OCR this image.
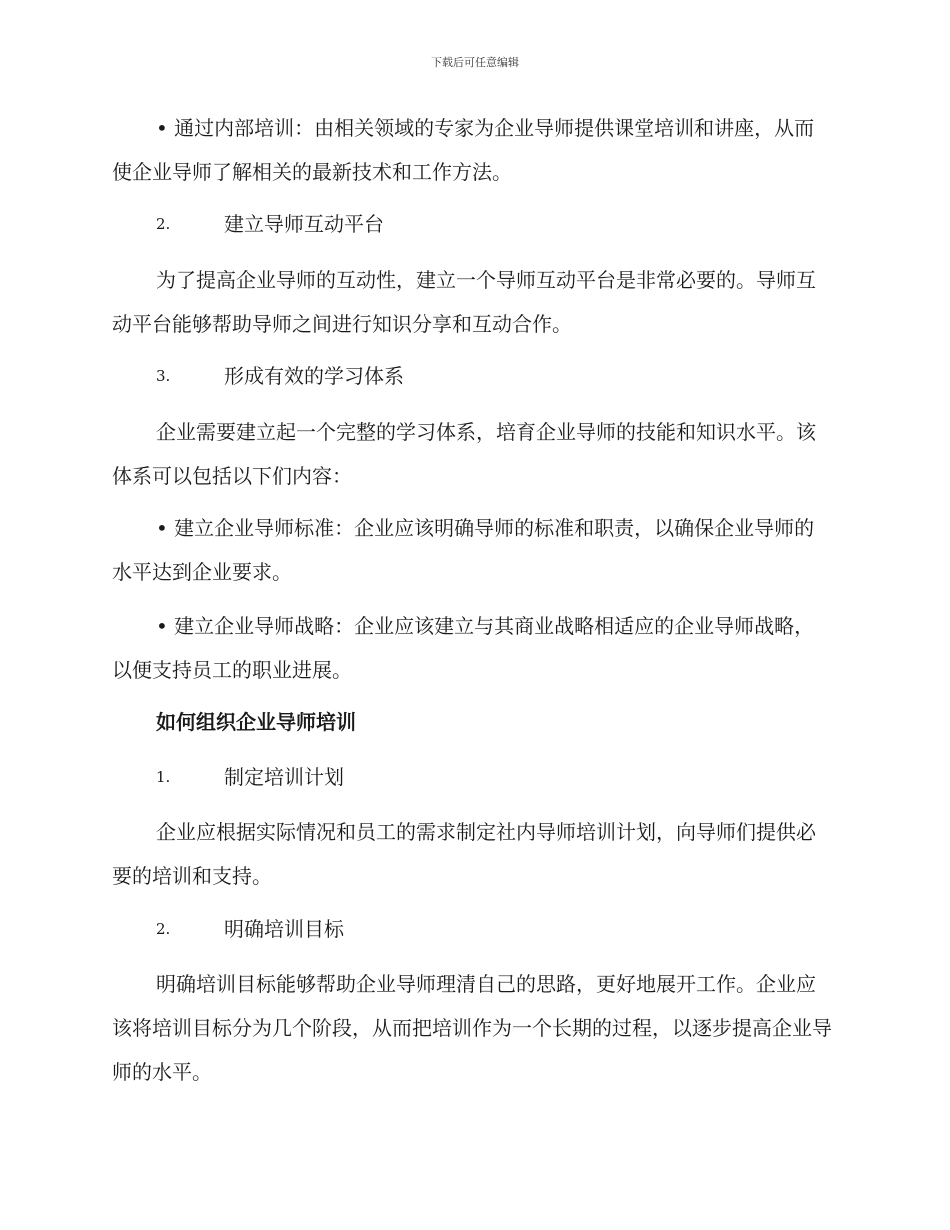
下载后可任意编辑

• 通过内部培训：由相关领域的专家为企业导师提供课堂培训和讲座，从而使企业导师了解相关的最新技术和工作方法。

2.	建立导师互动平台

为了提高企业导师的互动性，建立一个导师互动平台是非常必要的。导师互动平台能够帮助导师之间进行知识分享和互动合作。

3.	形成有效的学习体系

企业需要建立起一个完整的学习体系，培育企业导师的技能和知识水平。该体系可以包括以下们内容：

• 建立企业导师标准：企业应该明确导师的标准和职责，以确保企业导师的水平达到企业要求。

• 建立企业导师战略：企业应该建立与其商业战略相适应的企业导师战略，以便支持员工的职业进展。

如何组织企业导师培训

1.	制定培训计划

企业应根据实际情况和员工的需求制定社内导师培训计划，向导师们提供必要的培训和支持。

2.	明确培训目标

明确培训目标能够帮助企业导师理清自己的思路，更好地展开工作。企业应该将培训目标分为几个阶段，从而把培训作为一个长期的过程，以逐步提高企业导师的水平。
